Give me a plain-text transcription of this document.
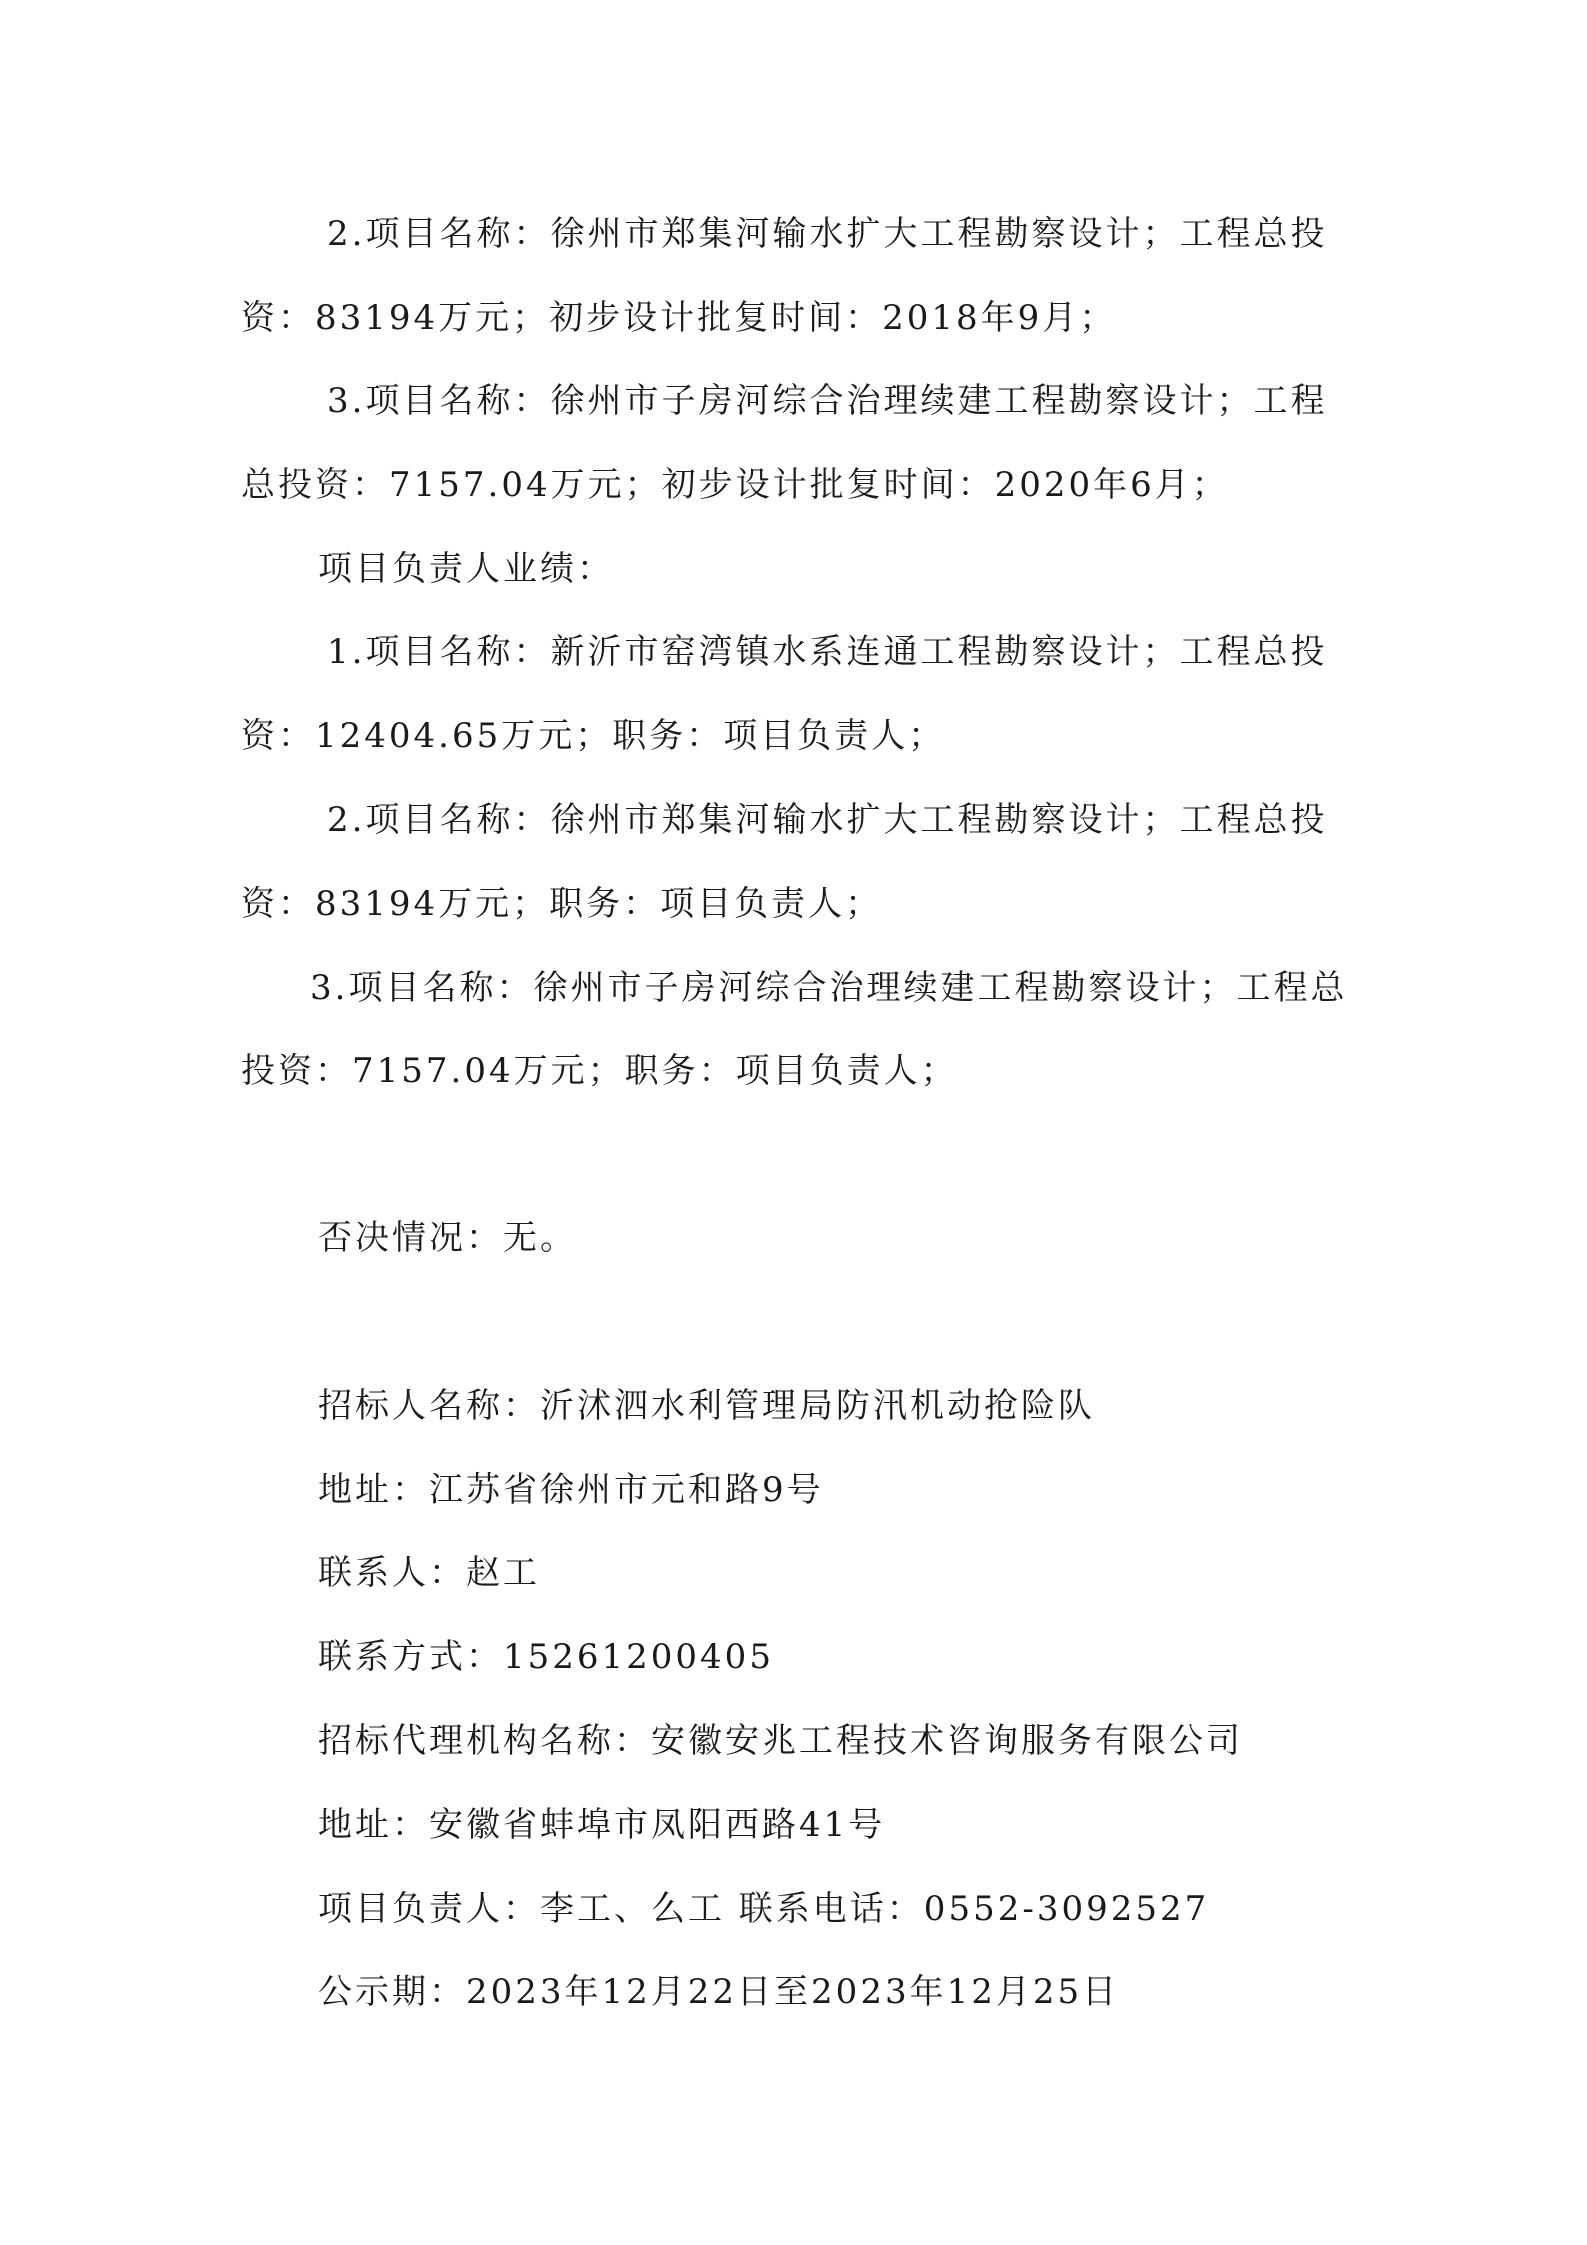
2.项目名称：徐州市郑集河输水扩大工程勘察设计；工程总投
资：83194万元；初步设计批复时间：2018年9月；
3.项目名称：徐州市子房河综合治理续建工程勘察设计；工程
总投资：7157.04万元；初步设计批复时间：2020年6月；
项目负责人业绩：
1.项目名称：新沂市窑湾镇水系连通工程勘察设计；工程总投
资：12404.65万元；职务：项目负责人；
2.项目名称：徐州市郑集河输水扩大工程勘察设计；工程总投
资：83194万元；职务：项目负责人；
3.项目名称：徐州市子房河综合治理续建工程勘察设计；工程总
投资：7157.04万元；职务：项目负责人；
否决情况：无。
招标人名称：沂沭泗水利管理局防汛机动抢险队
地址：江苏省徐州市元和路9号
联系人：赵工
联系方式：15261200405
招标代理机构名称：安徽安兆工程技术咨询服务有限公司
地址：安徽省蚌埠市凤阳西路41号
项目负责人：李工、么工 联系电话：0552-3092527
公示期：2023年12月22日至2023年12月25日
